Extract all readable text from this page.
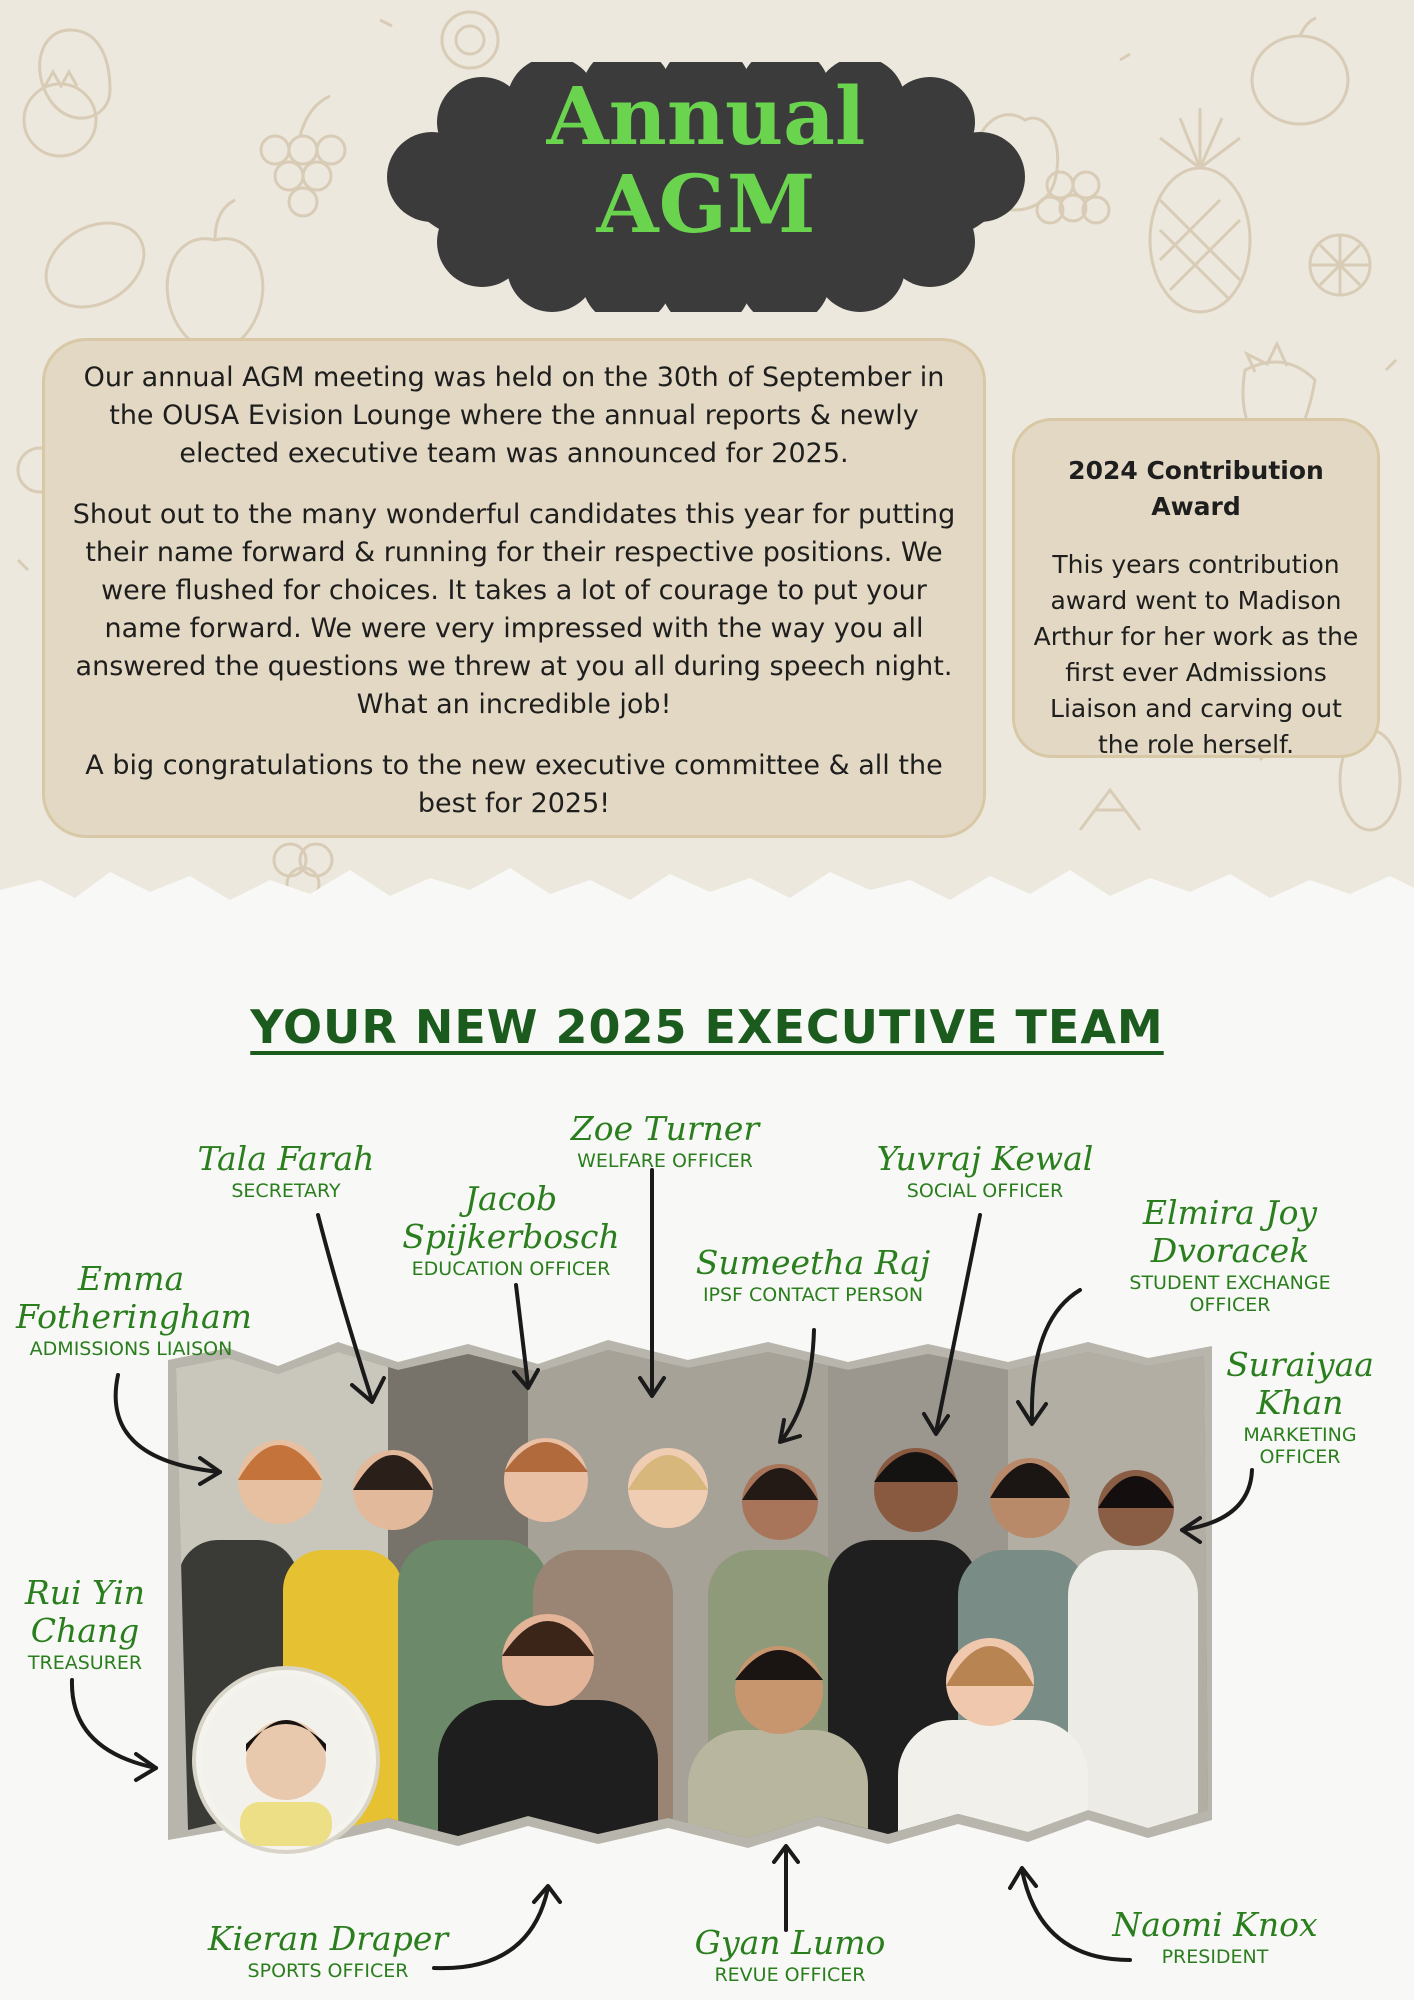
Annual
AGM

Our annual AGM meeting was held on the 30th of September in the OUSA Evision Lounge where the annual reports & newly elected executive team was announced for 2025.

Shout out to the many wonderful candidates this year for putting their name forward & running for their respective positions. We were flushed for choices. It takes a lot of courage to put your name forward. We were very impressed with the way you all answered the questions we threw at you all during speech night. What an incredible job!

A big congratulations to the new executive committee & all the best for 2025!

2024 Contribution Award
This years contribution award went to Madison Arthur for her work as the first ever Admissions Liaison and carving out the role herself.
YOUR NEW 2025 EXECUTIVE TEAM
Tala Farah
SECRETARY
Zoe Turner
WELFARE OFFICER	Yuvraj Kewal
SOCIAL OFFICER
Jacob Spijkerbosch
EDUCATION OFFICER	Sumeetha Raj
IPSF CONTACT PERSON
Elmira Joy Dvoracek
STUDENT EXCHANGE OFFICER
Emma Fotheringham
ADMISSIONS LIAISON	Suraiyaa Khan
MARKETING OFFICER
Rui Yin Chang
TREASURER
Kieran Draper
SPORTS OFFICER
Gyan Lumo
REVUE OFFICER
Naomi Knox
PRESIDENT
